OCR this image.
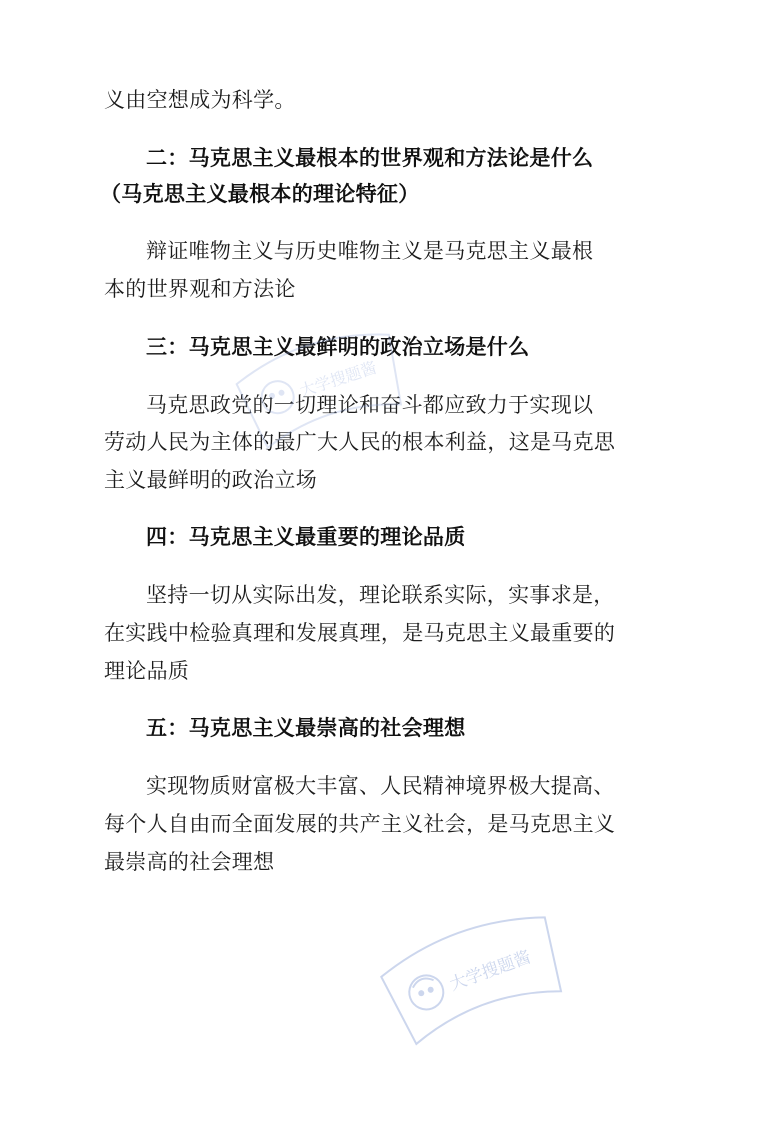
义由空想成为科学。
二：马克思主义最根本的世界观和方法论是什么
（马克思主义最根本的理论特征）
辩证唯物主义与历史唯物主义是马克思主义最根
本的世界观和方法论
三：马克思主义最鲜明的政治立场是什么
马克思政党的一切理论和奋斗都应致力于实现以
劳动人民为主体的最广大人民的根本利益，这是马克思
主义最鲜明的政治立场
四：马克思主义最重要的理论品质
坚持一切从实际出发，理论联系实际，实事求是，
在实践中检验真理和发展真理，是马克思主义最重要的
理论品质
五：马克思主义最崇高的社会理想
实现物质财富极大丰富、人民精神境界极大提高、
每个人自由而全面发展的共产主义社会，是马克思主义
最崇高的社会理想
大学搜题酱
大学搜题酱
